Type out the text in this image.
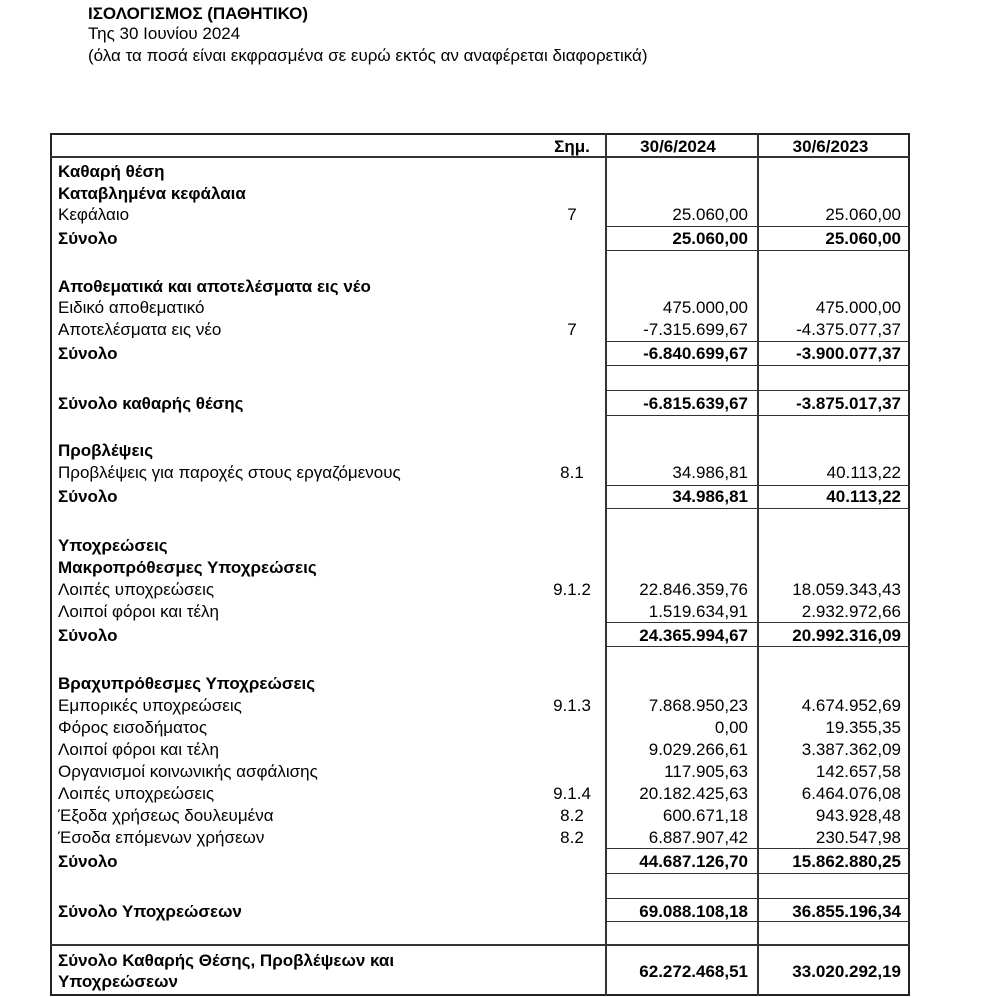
ΙΣΟΛΟΓΙΣΜΟΣ (ΠΑΘΗΤΙΚΟ)
Της 30 Ιουνίου 2024
(όλα τα ποσά είναι εκφρασμένα σε ευρώ εκτός αν αναφέρεται διαφορετικά)
Σημ.	30/6/2024	30/6/2023
Καθαρή θέση
Καταβλημένα κεφάλαια
Κεφάλαιο	7	25.060,00	25.060,00
Σύνολο	25.060,00	25.060,00
Αποθεματικά και αποτελέσματα εις νέο
Ειδικό αποθεματικό	475.000,00	475.000,00
Αποτελέσματα εις νέο	7	-7.315.699,67	-4.375.077,37
Σύνολο	-6.840.699,67	-3.900.077,37
Σύνολο καθαρής θέσης	-6.815.639,67	-3.875.017,37
Προβλέψεις
Προβλέψεις για παροχές στους εργαζόμενους	8.1	34.986,81	40.113,22
Σύνολο	34.986,81	40.113,22
Υποχρεώσεις
Μακροπρόθεσμες Υποχρεώσεις
Λοιπές υποχρεώσεις	9.1.2	22.846.359,76	18.059.343,43
Λοιποί φόροι και τέλη	1.519.634,91	2.932.972,66
Σύνολο	24.365.994,67	20.992.316,09
Βραχυπρόθεσμες Υποχρεώσεις
Εμπορικές υποχρεώσεις	9.1.3	7.868.950,23	4.674.952,69
Φόρος εισοδήματος	0,00	19.355,35
Λοιποί φόροι και τέλη	9.029.266,61	3.387.362,09
Οργανισμοί κοινωνικής ασφάλισης	117.905,63	142.657,58
Λοιπές υποχρεώσεις	9.1.4	20.182.425,63	6.464.076,08
Έξοδα χρήσεως δουλευμένα	8.2	600.671,18	943.928,48
Έσοδα επόμενων χρήσεων	8.2	6.887.907,42	230.547,98
Σύνολο	44.687.126,70	15.862.880,25
Σύνολο Υποχρεώσεων	69.088.108,18	36.855.196,34
Σύνολο Καθαρής Θέσης, Προβλέψεων και
Υποχρεώσεων
62.272.468,51	33.020.292,19
